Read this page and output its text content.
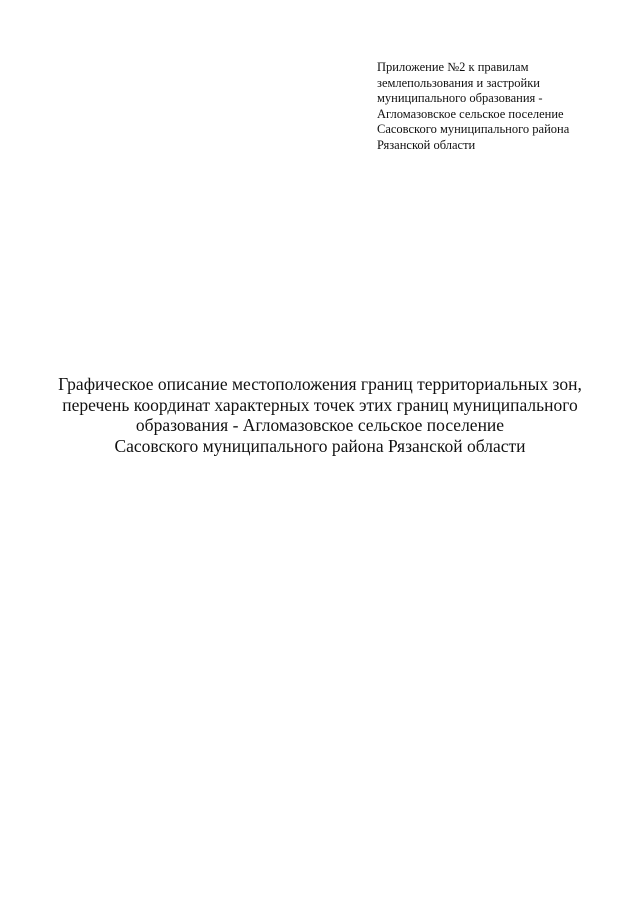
Приложение №2 к правилам
землепользования и застройки
муниципального образования -
Агломазовское сельское поселение
Сасовского муниципального района
Рязанской области
Графическое описание местоположения границ территориальных зон,
перечень координат характерных точек этих границ муниципального
образования - Агломазовское сельское поселение
Сасовского муниципального района Рязанской области
